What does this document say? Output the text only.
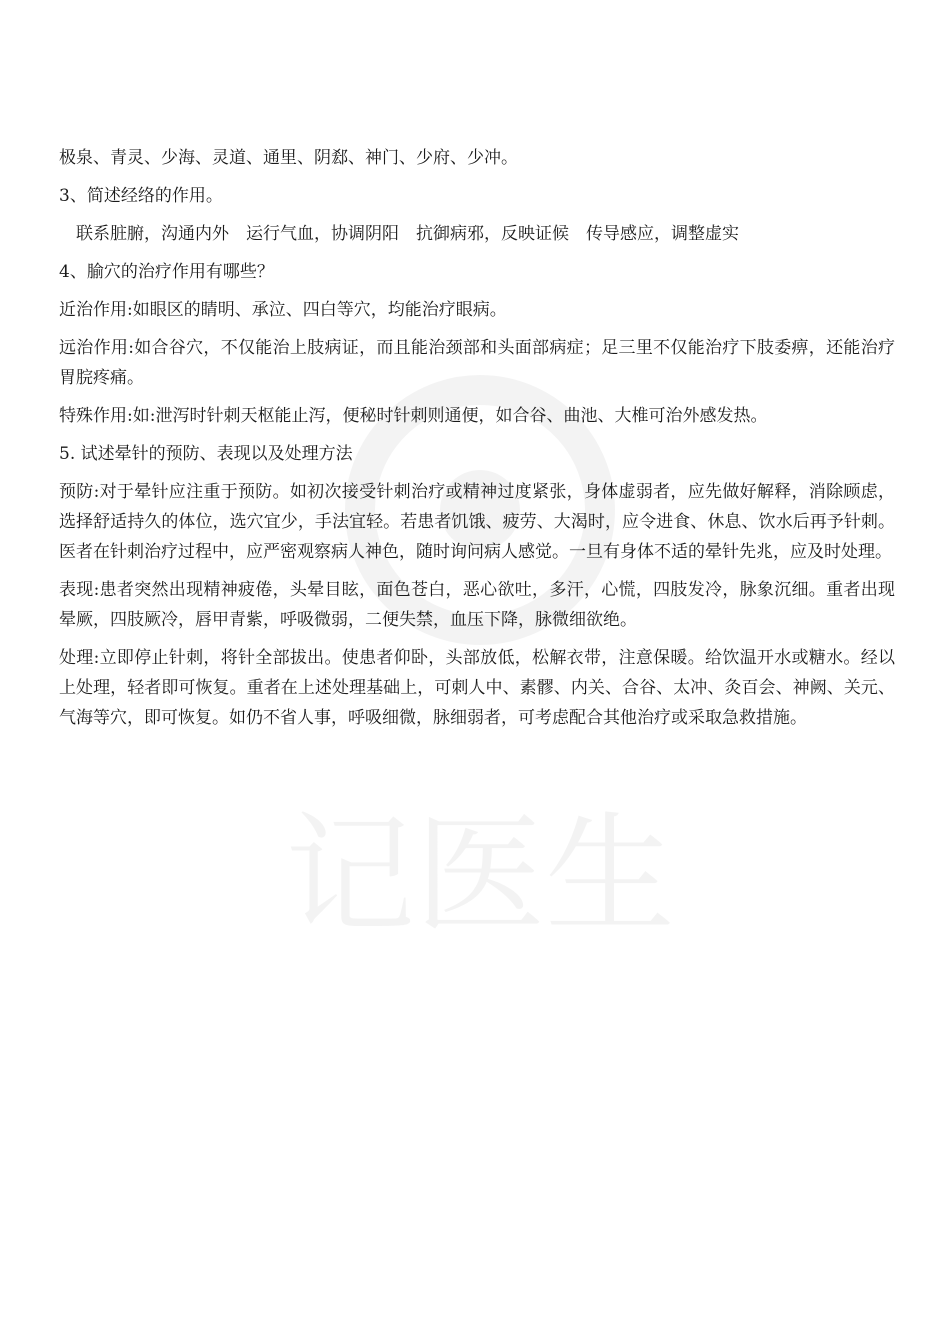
极泉、青灵、少海、灵道、通里、阴郄、神门、少府、少冲。

3、简述经络的作用。

联系脏腑，沟通内外　运行气血，协调阴阳　抗御病邪，反映证候　传导感应，调整虚实

4、腧穴的治疗作用有哪些？

近治作用:如眼区的睛明、承泣、四白等穴，均能治疗眼病。

远治作用:如合谷穴，不仅能治上肢病证，而且能治颈部和头面部病症；足三里不仅能治疗下肢委痹，还能治疗胃脘疼痛。

特殊作用:如:泄泻时针刺天枢能止泻，便秘时针刺则通便，如合谷、曲池、大椎可治外感发热。

5. 试述晕针的预防、表现以及处理方法

预防:对于晕针应注重于预防。如初次接受针刺治疗或精神过度紧张，身体虚弱者，应先做好解释，消除顾虑，选择舒适持久的体位，选穴宜少，手法宜轻。若患者饥饿、疲劳、大渴时，应令进食、休息、饮水后再予针刺。医者在针刺治疗过程中，应严密观察病人神色，随时询问病人感觉。一旦有身体不适的晕针先兆，应及时处理。

表现:患者突然出现精神疲倦，头晕目眩，面色苍白，恶心欲吐，多汗，心慌，四肢发冷，脉象沉细。重者出现晕厥，四肢厥冷，唇甲青紫，呼吸微弱，二便失禁，血压下降，脉微细欲绝。

处理:立即停止针刺，将针全部拔出。使患者仰卧，头部放低，松解衣带，注意保暖。给饮温开水或糖水。经以上处理，轻者即可恢复。重者在上述处理基础上，可刺人中、素髎、内关、合谷、太冲、灸百会、神阙、关元、气海等穴，即可恢复。如仍不省人事，呼吸细微，脉细弱者，可考虑配合其他治疗或采取急救措施。
